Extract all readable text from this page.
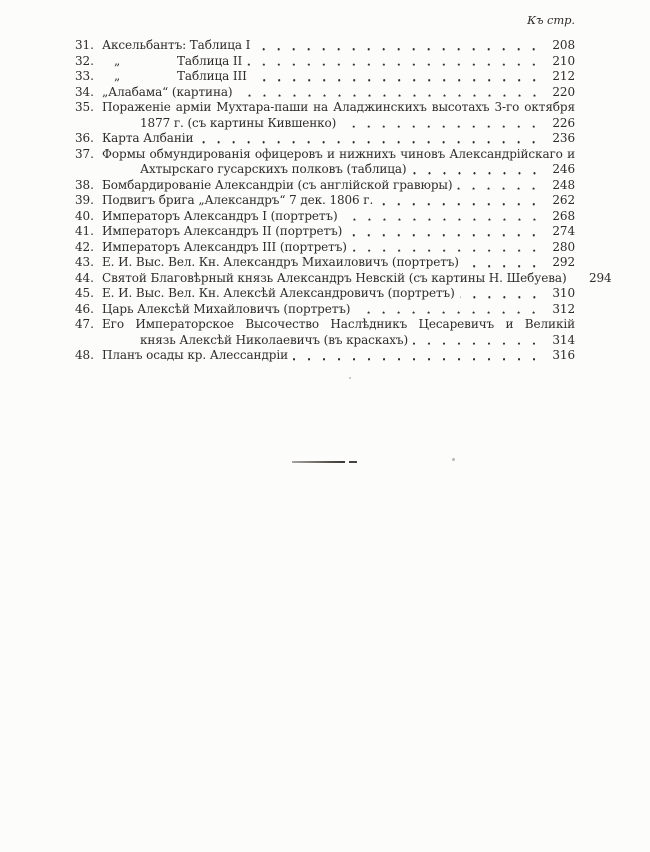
Къ стр.
31. Аксельбантъ: Таблица I	208
32.	„	Таблица II	210
33.	„	Таблица III	212
34. „Алабама“ (картина)	220
35. Пораженіе арміи Мухтара-паши на Аладжинскихъ высотахъ 3-го октября
1877 г. (съ картины Кившенко)	226
36. Карта Албаніи	236
37. Формы обмундированія офицеровъ и нижнихъ чиновъ Александрійскаго и
Ахтырскаго гусарскихъ полковъ (таблица)	246
38. Бомбардированіе Александріи (съ англійской гравюры)	248
39. Подвигъ брига „Александръ“ 7 дек. 1806 г.	262
40. Императоръ Александръ I (портретъ)	268
41. Императоръ Александръ II (портретъ)	274
42. Императоръ Александръ III (портретъ)	280
43. Е. И. Выс. Вел. Кн. Александръ Михаиловичъ (портретъ)	292
44. Святой Благовѣрный князь Александръ Невскій (съ картины Н. Шебуева) 294
45. Е. И. Выс. Вел. Кн. Алексѣй Александровичъ (портретъ)	310
46. Царь Алексѣй Михайловичъ (портретъ)	312
47. Его Императорское Высочество Наслѣдникъ Цесаревичъ и Великій
князь Алексѣй Николаевичъ (въ краскахъ)	314
48. Планъ осады кр. Алессандріи	316
